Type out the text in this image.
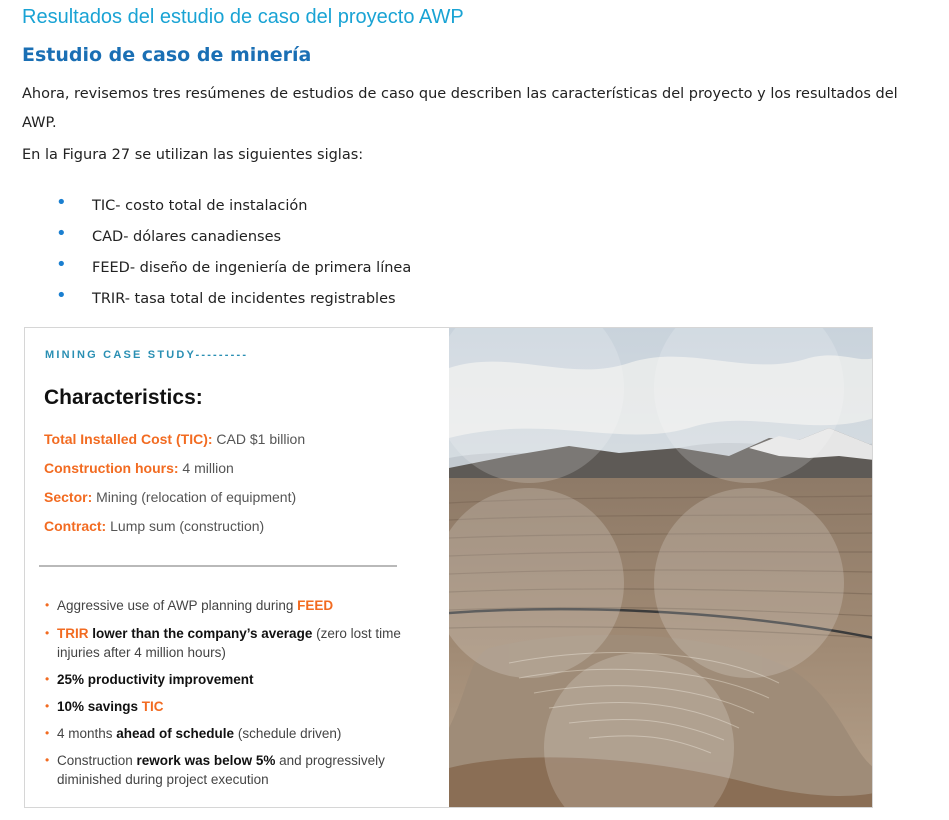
Resultados del estudio de caso del proyecto AWP
Estudio de caso de minería

Ahora, revisemos tres resúmenes de estudios de caso que describen las características del proyecto y los resultados del AWP.

En la Figura 27 se utilizan las siguientes siglas:

• TIC- costo total de instalación
• CAD- dólares canadienses
• FEED- diseño de ingeniería de primera línea
• TRIR- tasa total de incidentes registrables
MINING CASE STUDY---------
Characteristics:
Total Installed Cost (TIC): CAD $1 billion
Construction hours: 4 million
Sector: Mining (relocation of equipment)
Contract: Lump sum (construction)
• Aggressive use of AWP planning during FEED
• TRIR lower than the company’s average (zero lost time injuries after 4 million hours)
• 25% productivity improvement
• 10% savings TIC
• 4 months ahead of schedule (schedule driven)
• Construction rework was below 5% and progressively diminished during project execution
